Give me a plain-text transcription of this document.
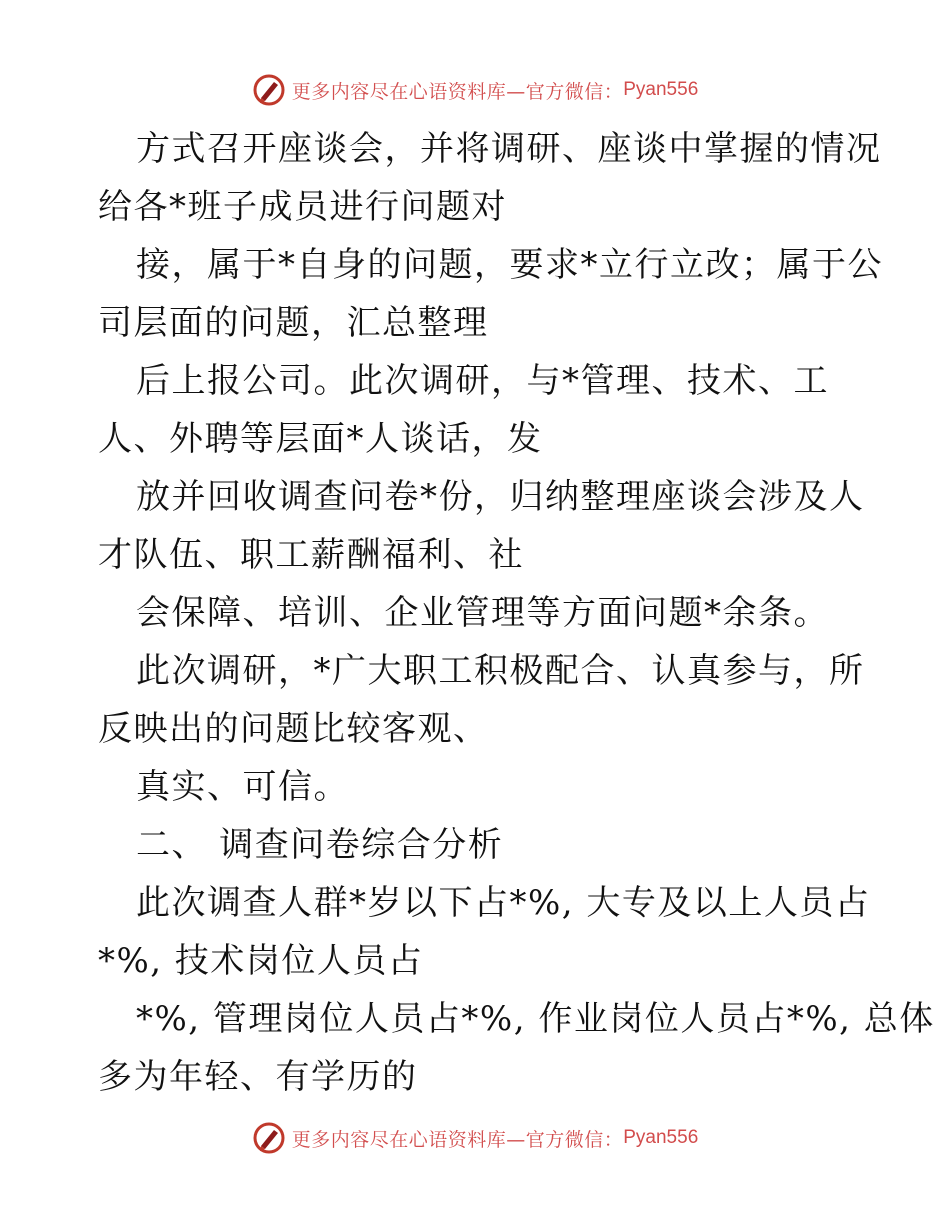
更多内容尽在心语资料库—官方微信： Pyan556
方式召开座谈会，并将调研、座谈中掌握的情况
给各*班子成员进行问题对
接，属于*自身的问题，要求*立行立改；属于公
司层面的问题，汇总整理
后上报公司。此次调研，与*管理、技术、工
人、外聘等层面*人谈话，发
放并回收调查问卷*份，归纳整理座谈会涉及人
才队伍、职工薪酬福利、社
会保障、培训、企业管理等方面问题*余条。
此次调研，*广大职工积极配合、认真参与，所
反映出的问题比较客观、
真实、可信。
二、 调查问卷综合分析
此次调查人群*岁以下占*%, 大专及以上人员占
*%, 技术岗位人员占
*%, 管理岗位人员占*%, 作业岗位人员占*%, 总体
多为年轻、有学历的
更多内容尽在心语资料库—官方微信： Pyan556
